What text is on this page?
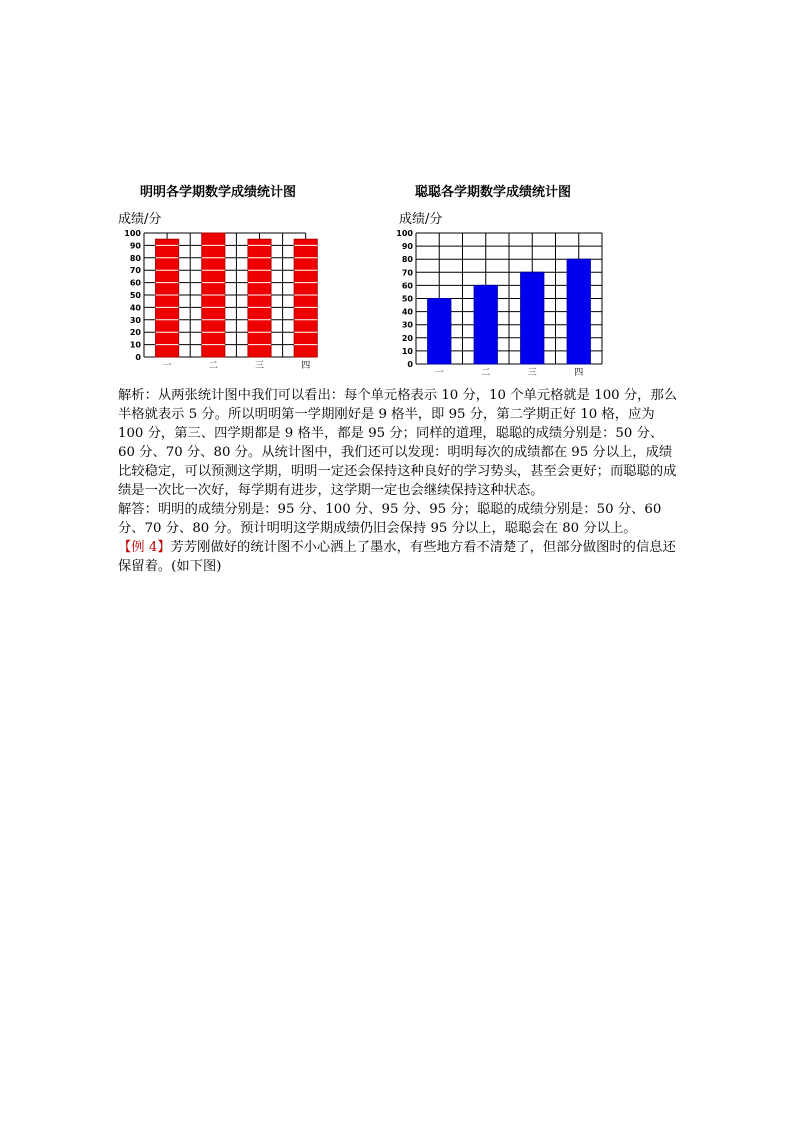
明明各学期数学成绩统计图
成绩/分
一	二	三	四
0
10
20
30
40
50
60
70
80
90
100
聪聪各学期数学成绩统计图
成绩/分
一	二	三	四
0
10
20
30
40
50
60
70
80
90
100

解析：从两张统计图中我们可以看出：每个单元格表示 10 分，10 个单元格就是 100 分，那么半格就表示 5 分。所以明明第一学期刚好是 9 格半，即 95 分，第二学期正好 10 格，应为 100 分，第三、四学期都是 9 格半，都是 95 分；同样的道理，聪聪的成绩分别是：50 分、60 分、70 分、80 分。从统计图中，我们还可以发现：明明每次的成绩都在 95 分以上，成绩比较稳定，可以预测这学期，明明一定还会保持这种良好的学习势头，甚至会更好；而聪聪的成绩是一次比一次好，每学期有进步，这学期一定也会继续保持这种状态。

解答：明明的成绩分别是：95 分、100 分、95 分、95 分；聪聪的成绩分别是：50 分、60 分、70 分、80 分。预计明明这学期成绩仍旧会保持 95 分以上，聪聪会在 80 分以上。

【例 4】芳芳刚做好的统计图不小心洒上了墨水，有些地方看不清楚了，但部分做图时的信息还保留着。(如下图)
